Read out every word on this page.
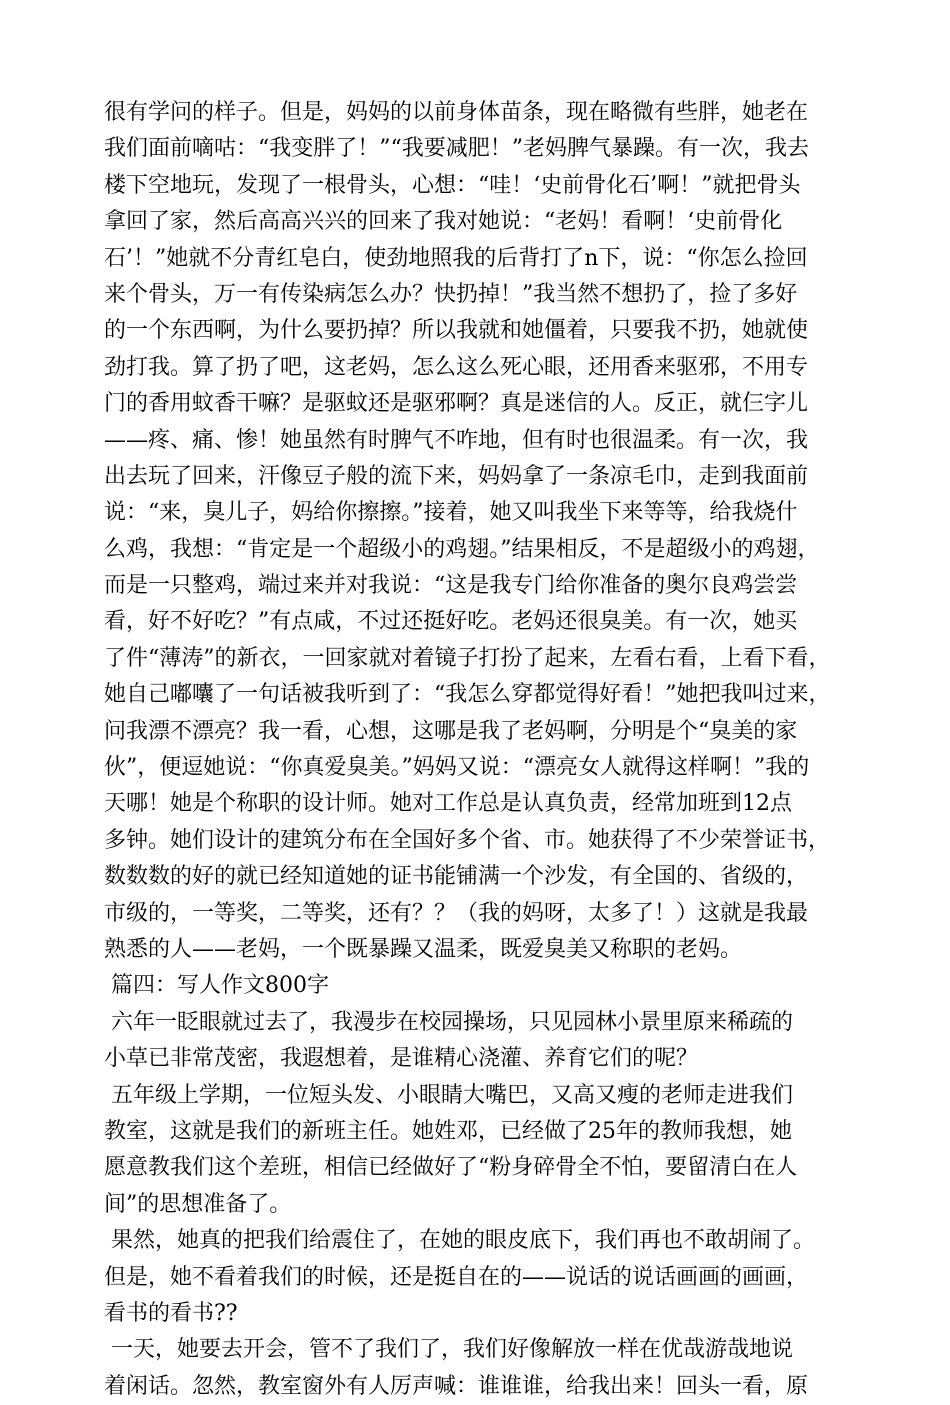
很有学问的样子。但是，妈妈的以前身体苗条，现在略微有些胖，她老在
我们面前嘀咕：“我变胖了！”“我要减肥！”老妈脾气暴躁。有一次，我去
楼下空地玩，发现了一根骨头，心想：“哇！‘史前骨化石’啊！”就把骨头
拿回了家，然后高高兴兴的回来了我对她说：“老妈！看啊！‘史前骨化
石’！”她就不分青红皂白，使劲地照我的后背打了n下，说：“你怎么捡回
来个骨头，万一有传染病怎么办？快扔掉！”我当然不想扔了，捡了多好
的一个东西啊，为什么要扔掉？所以我就和她僵着，只要我不扔，她就使
劲打我。算了扔了吧，这老妈，怎么这么死心眼，还用香来驱邪，不用专
门的香用蚊香干嘛？是驱蚊还是驱邪啊？真是迷信的人。反正，就仨字儿
——疼、痛、惨！她虽然有时脾气不咋地，但有时也很温柔。有一次，我
出去玩了回来，汗像豆子般的流下来，妈妈拿了一条凉毛巾，走到我面前
说：“来，臭儿子，妈给你擦擦。”接着，她又叫我坐下来等等，给我烧什
么鸡，我想：“肯定是一个超级小的鸡翅。”结果相反，不是超级小的鸡翅，
而是一只整鸡，端过来并对我说：“这是我专门给你准备的奥尔良鸡尝尝
看，好不好吃？”有点咸，不过还挺好吃。老妈还很臭美。有一次，她买
了件“薄涛”的新衣，一回家就对着镜子打扮了起来，左看右看，上看下看，
她自己嘟囔了一句话被我听到了：“我怎么穿都觉得好看！”她把我叫过来，
问我漂不漂亮？我一看，心想，这哪是我了老妈啊，分明是个“臭美的家
伙”，便逗她说：“你真爱臭美。”妈妈又说：“漂亮女人就得这样啊！”我的
天哪！她是个称职的设计师。她对工作总是认真负责，经常加班到12点
多钟。她们设计的建筑分布在全国好多个省、市。她获得了不少荣誉证书，
数数数的好的就已经知道她的证书能铺满一个沙发，有全国的、省级的，
市级的，一等奖，二等奖，还有？？（我的妈呀，太多了！）这就是我最
熟悉的人——老妈，一个既暴躁又温柔，既爱臭美又称职的老妈。
篇四：写人作文800字
六年一眨眼就过去了，我漫步在校园操场，只见园林小景里原来稀疏的
小草已非常茂密，我遐想着，是谁精心浇灌、养育它们的呢？
五年级上学期，一位短头发、小眼睛大嘴巴，又高又瘦的老师走进我们
教室，这就是我们的新班主任。她姓邓，已经做了25年的教师我想，她
愿意教我们这个差班，相信已经做好了“粉身碎骨全不怕，要留清白在人
间”的思想准备了。
果然，她真的把我们给震住了，在她的眼皮底下，我们再也不敢胡闹了。
但是，她不看着我们的时候，还是挺自在的——说话的说话画画的画画，
看书的看书??
一天，她要去开会，管不了我们了，我们好像解放一样在优哉游哉地说
着闲话。忽然，教室窗外有人厉声喊：谁谁谁，给我出来！回头一看，原
